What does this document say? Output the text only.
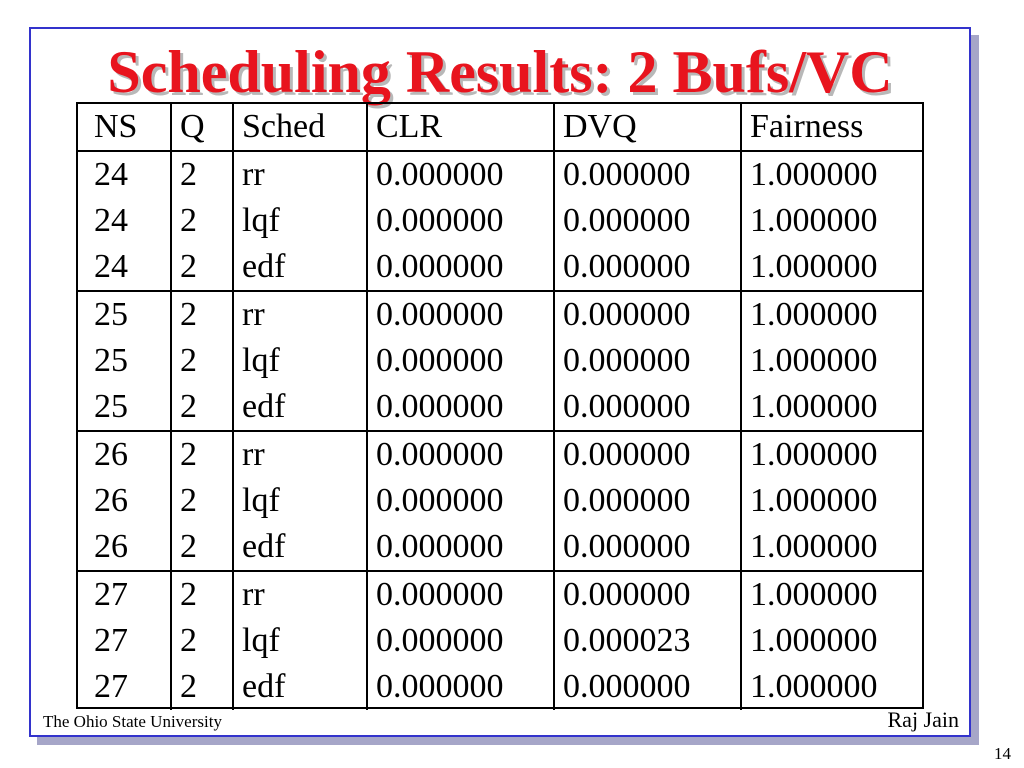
Scheduling Results: 2 Bufs/VC
NS	Q	Sched	CLR	DVQ	Fairness
24	2	rr	0.000000	0.000000	1.000000
24	2	lqf	0.000000	0.000000	1.000000
24	2	edf	0.000000	0.000000	1.000000
25	2	rr	0.000000	0.000000	1.000000
25	2	lqf	0.000000	0.000000	1.000000
25	2	edf	0.000000	0.000000	1.000000
26	2	rr	0.000000	0.000000	1.000000
26	2	lqf	0.000000	0.000000	1.000000
26	2	edf	0.000000	0.000000	1.000000
27	2	rr	0.000000	0.000000	1.000000
27	2	lqf	0.000000	0.000023	1.000000
27	2	edf	0.000000	0.000000	1.000000
The Ohio State University	Raj Jain
14
